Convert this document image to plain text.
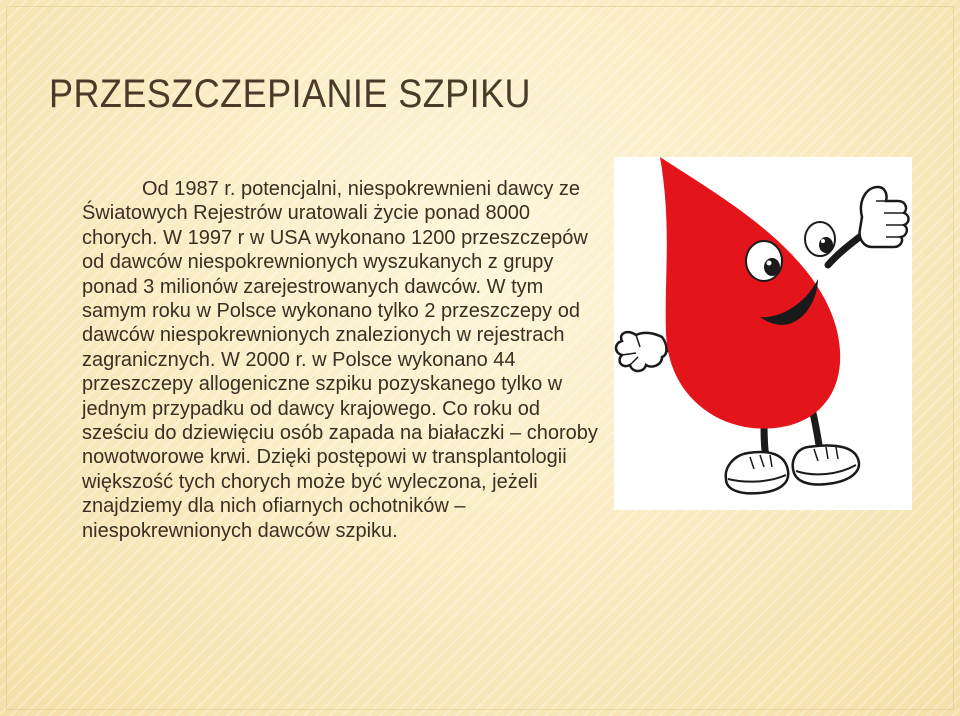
PRZESZCZEPIANIE SZPIKU

Od 1987 r. potencjalni, niespokrewnieni dawcy ze Światowych Rejestrów uratowali życie ponad 8000 chorych. W 1997 r w USA wykonano 1200 przeszczepów od dawców niespokrewnionych wyszukanych z grupy ponad 3 milionów zarejestrowanych dawców. W tym samym roku w Polsce wykonano tylko 2 przeszczepy od dawców niespokrewnionych znalezionych w rejestrach zagranicznych. W 2000 r. w Polsce wykonano 44 przeszczepy allogeniczne szpiku pozyskanego tylko w jednym przypadku od dawcy krajowego. Co roku od sześciu do dziewięciu osób zapada na białaczki – choroby nowotworowe krwi. Dzięki postępowi w transplantologii większość tych chorych może być wyleczona, jeżeli znajdziemy dla nich ofiarnych ochotników – niespokrewnionych dawców szpiku.
